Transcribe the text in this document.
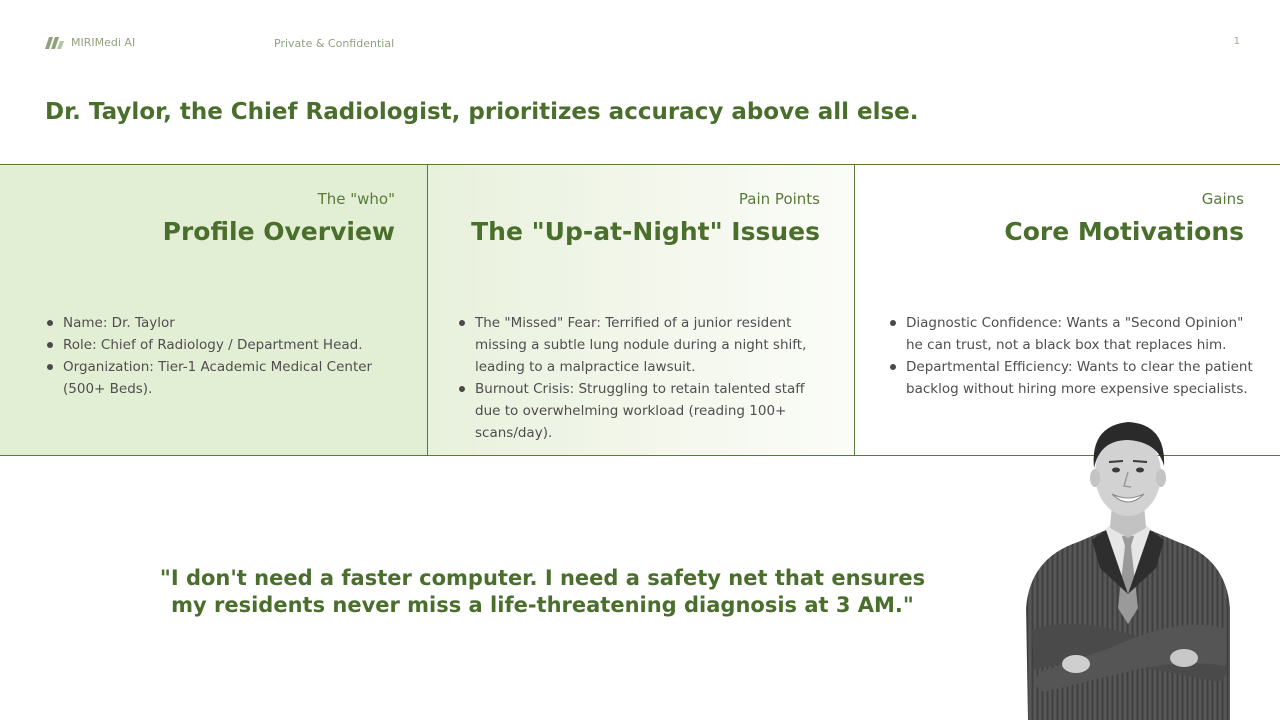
MIRIMedi AI	Private & Confidential	1
Dr. Taylor, the Chief Radiologist, prioritizes accuracy above all else.
The "who"
Profile Overview
Name: Dr. Taylor
Role: Chief of Radiology / Department Head.
Organization: Tier-1 Academic Medical Center (500+ Beds).
Pain Points
The "Up-at-Night" Issues
The "Missed" Fear: Terrified of a junior resident missing a subtle lung nodule during a night shift, leading to a malpractice lawsuit.
Burnout Crisis: Struggling to retain talented staff due to overwhelming workload (reading 100+ scans/day).
Gains
Core Motivations
Diagnostic Confidence: Wants a "Second Opinion" he can trust, not a black box that replaces him.
Departmental Efficiency: Wants to clear the patient backlog without hiring more expensive specialists.

"I don't need a faster computer. I need a safety net that ensures my residents never miss a life-threatening diagnosis at 3 AM."
